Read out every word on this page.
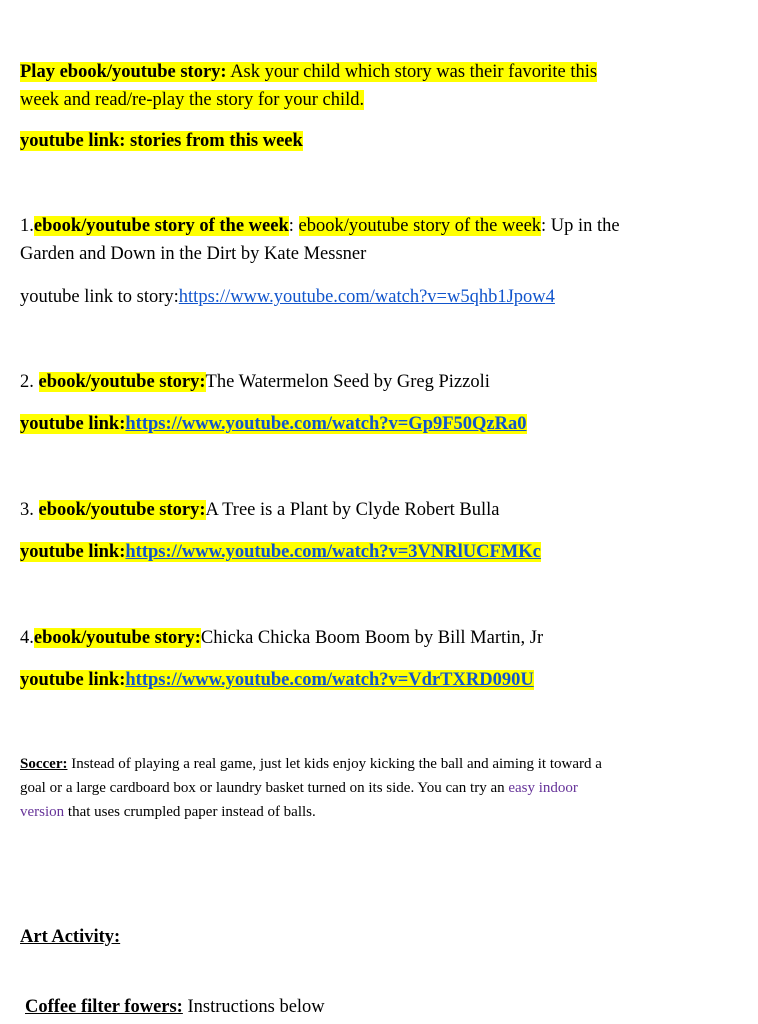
Play ebook/youtube story: Ask your child which story was their favorite this
week and read/re-play the story for your child.
youtube link: stories from this week
1.ebook/youtube story of the week: ebook/youtube story of the week: Up in the
Garden and Down in the Dirt by Kate Messner
youtube link to story:https://www.youtube.com/watch?v=w5qhb1Jpow4
2. ebook/youtube story:The Watermelon Seed by Greg Pizzoli
youtube link:https://www.youtube.com/watch?v=Gp9F50QzRa0
3. ebook/youtube story:A Tree is a Plant by Clyde Robert Bulla
youtube link:https://www.youtube.com/watch?v=3VNRlUCFMKc
4.ebook/youtube story:Chicka Chicka Boom Boom by Bill Martin, Jr
youtube link:https://www.youtube.com/watch?v=VdrTXRD090U
Soccer: Instead of playing a real game, just let kids enjoy kicking the ball and aiming it toward a
goal or a large cardboard box or laundry basket turned on its side. You can try an easy indoor
version that uses crumpled paper instead of balls.
Art Activity:
Coffee filter fowers: Instructions below
